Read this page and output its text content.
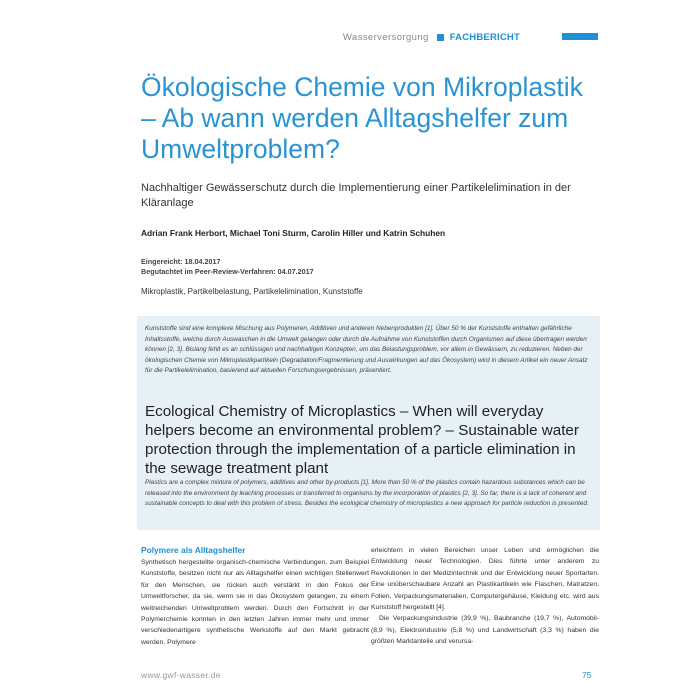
Wasserversorgung FACHBERICHT
Ökologische Chemie von Mikroplastik – Ab wann werden Alltagshelfer zum Umweltproblem?

Nachhaltiger Gewässerschutz durch die Implementierung einer Partikelelimination in der Kläranlage

Adrian Frank Herbort, Michael Toni Sturm, Carolin Hiller und Katrin Schuhen
Eingereicht: 18.04.2017
Begutachtet im Peer-Review-Verfahren: 04.07.2017
Mikroplastik, Partikelbelastung, Partikelelimination, Kunststoffe

Kunststoffe sind eine komplexe Mischung aus Polymeren, Additiven und anderen Nebenprodukten [1]. Über 50 % der Kunststoffe enthalten gefährliche Inhaltsstoffe, welche durch Auswaschen in die Umwelt gelangen oder durch die Aufnahme von Kunststoffen durch Organismen auf diese übertragen werden können [2, 3]. Bislang fehlt es an schlüssigen und nachhaltigen Konzepten, um das Belastungsproblem, vor allem in Gewässern, zu reduzieren. Neben der ökologischen Chemie von Mikroplastikpartikeln (Degradation/Fragmentierung und Auswirkungen auf das Ökosystem) wird in diesem Artikel ein neuer Ansatz für die Partikelelimination, basierend auf aktuellen Forschungsergebnissen, präsentiert.

Ecological Chemistry of Microplastics – When will everyday helpers become an environmental problem? – Sustainable water protection through the implementation of a particle elimination in the sewage treatment plant

Plastics are a complex mixture of polymers, additives and other by-products [1]. More than 50 % of the plastics contain hazardous substances which can be released into the environment by leaching processes or transferred to organisms by the incorporation of plastics [2, 3]. So far, there is a lack of coherent and sustainable concepts to deal with this problem of stress. Besides the ecological chemistry of microplastics a new approach for particle reduction is presented.

Polymere als Alltagshelfer

Synthetisch hergestellte organisch-chemische Verbindungen, zum Beispiel Kunststoffe, besitzen nicht nur als Alltagshelfer einen wichtigen Stellenwert für den Menschen, sie rücken auch verstärkt in den Fokus der Umweltforscher, da sie, wenn sie in das Ökosystem gelangen, zu einem weitreichenden Umweltproblem werden. Durch den Fortschritt in der Polymerchemie konnten in den letzten Jahren immer mehr und immer verschiedenartigere synthetische Werkstoffe auf den Markt gebracht werden. Polymere

erleichtern in vielen Bereichen unser Leben und ermöglichen die Entwicklung neuer Technologien. Dies führte unter anderem zu Revolutionen in der Medizintechnik und der Entwicklung neuer Sportarten. Eine unüberschaubare Anzahl an Plastikartikeln wie Flaschen, Matratzen, Folien, Verpackungsmaterialien, Computergehäuse, Kleidung etc. wird aus Kunststoff hergestellt [4].

Die Verpackungsindustrie (39,9 %), Baubranche (19,7 %), Automobil- (8,9 %), Elektroindustrie (5,8 %) und Landwirtschaft (3,3 %) haben die größten Marktanteile und verursa-

www.gwf-wasser.de	75
